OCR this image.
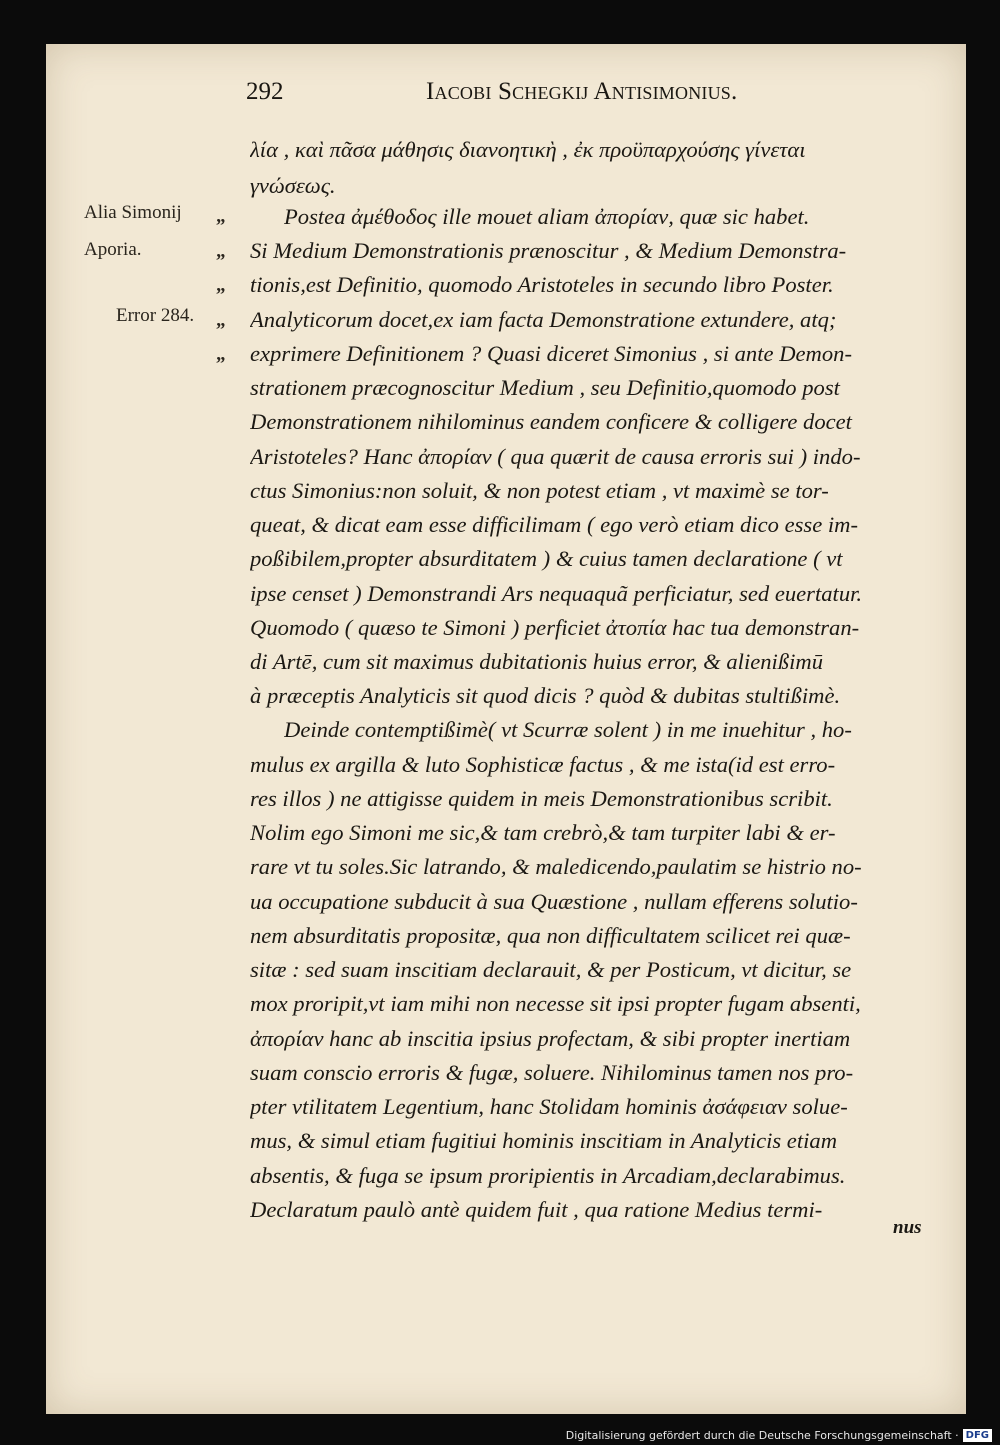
292	Iacobi Schegkij Antisimonius.
Alia Simonij
Aporia.
Error 284.
„
„
„
„
„
λία , καὶ πᾶσα μάθησις διανοητικὴ , ἐκ προϋπαρχούσης γίνεται
γνώσεως.
Postea ἀμέθοδος ille mouet aliam ἀπορίαν, quæ sic habet.
Si Medium Demonstrationis prænoscitur , & Medium Demonstra-
tionis,est Definitio, quomodo Aristoteles in secundo libro Poster.
Analyticorum docet,ex iam facta Demonstratione extundere, atq;
exprimere Definitionem ? Quasi diceret Simonius , si ante Demon-
strationem præcognoscitur Medium , seu Definitio,quomodo post
Demonstrationem nihilominus eandem conficere & colligere docet
Aristoteles? Hanc ἀπορίαν ( qua quærit de causa erroris sui ) indo-
ctus Simonius:non soluit, & non potest etiam , vt maximè se tor-
queat, & dicat eam esse difficilimam ( ego verò etiam dico esse im-
poßibilem,propter absurditatem ) & cuius tamen declaratione ( vt
ipse censet ) Demonstrandi Ars nequaquã perficiatur, sed euertatur.
Quomodo ( quæso te Simoni ) perficiet ἀτοπία hac tua demonstran-
di Artē, cum sit maximus dubitationis huius error, & alienißimū
à præceptis Analyticis sit quod dicis ? quòd & dubitas stultißimè.
Deinde contemptißimè( vt Scurræ solent ) in me inuehitur , ho-
mulus ex argilla & luto Sophisticæ factus , & me ista(id est erro-
res illos ) ne attigisse quidem in meis Demonstrationibus scribit.
Nolim ego Simoni me sic,& tam crebrò,& tam turpiter labi & er-
rare vt tu soles.Sic latrando, & maledicendo,paulatim se histrio no-
ua occupatione subducit à sua Quæstione , nullam efferens solutio-
nem absurditatis propositæ, qua non difficultatem scilicet rei quæ-
sitæ : sed suam inscitiam declarauit, & per Posticum, vt dicitur, se
mox proripit,vt iam mihi non necesse sit ipsi propter fugam absenti,
ἀπορίαν hanc ab inscitia ipsius profectam, & sibi propter inertiam
suam conscio erroris & fugæ, soluere. Nihilominus tamen nos pro-
pter vtilitatem Legentium, hanc Stolidam hominis ἀσάφειαν solue-
mus, & simul etiam fugitiui hominis inscitiam in Analyticis etiam
absentis, & fuga se ipsum proripientis in Arcadiam,declarabimus.
Declaratum paulò antè quidem fuit , qua ratione Medius termi-
nus
Digitalisierung gefördert durch die Deutsche Forschungsgemeinschaft · DFG
